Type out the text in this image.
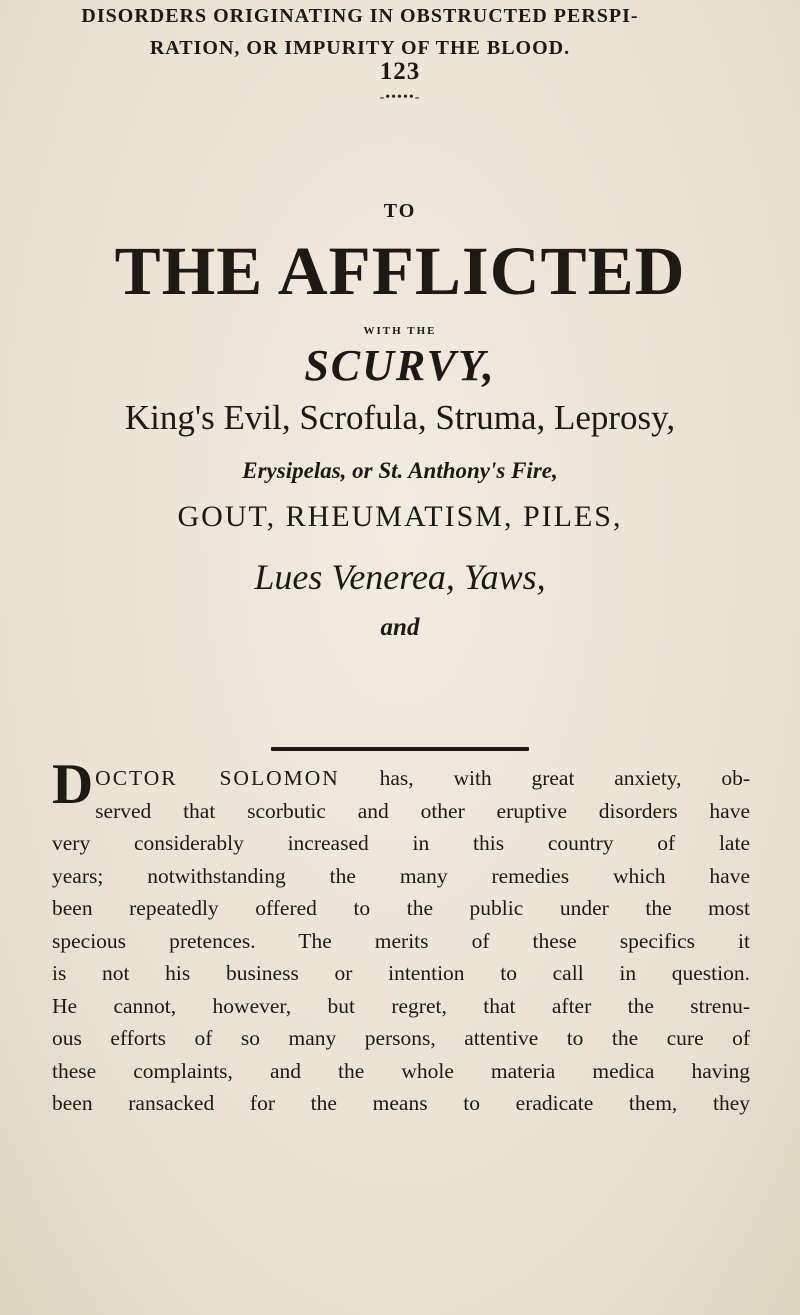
123
-•••••-
TO
THE AFFLICTED
WITH THE
SCURVY,
King's Evil, Scrofula, Struma, Leprosy,
Erysipelas, or St. Anthony's Fire,
GOUT, RHEUMATISM, PILES,
Lues Venerea, Yaws,
and
DISORDERS ORIGINATING IN OBSTRUCTED PERSPI-
RATION, OR IMPURITY OF THE BLOOD.
D OCTOR SOLOMON has, with great anxiety, ob-
served that scorbutic and other eruptive disorders have
very considerably increased in this country of late
years; notwithstanding the many remedies which have
been repeatedly offered to the public under the most
specious pretences. The merits of these specifics it
is not his business or intention to call in question.
He cannot, however, but regret, that after the strenu-
ous efforts of so many persons, attentive to the cure of
these complaints, and the whole materia medica having
been ransacked for the means to eradicate them, they
